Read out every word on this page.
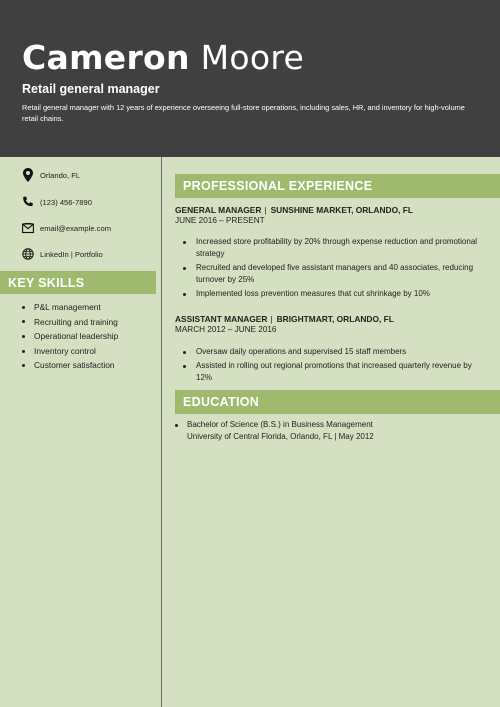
Cameron Moore
Retail general manager
Retail general manager with 12 years of experience overseeing full-store operations, including sales, HR, and inventory for high-volume retail chains.
Orlando, FL
(123) 456-7890
email@example.com
LinkedIn | Portfolio
KEY SKILLS
P&L management
Recruiting and training
Operational leadership
Inventory control
Customer satisfaction
PROFESSIONAL EXPERIENCE
GENERAL MANAGER | SUNSHINE MARKET, ORLANDO, FL
JUNE 2016 – PRESENT
Increased store profitability by 20% through expense reduction and promotional strategy
Recruited and developed five assistant managers and 40 associates, reducing turnover by 25%
Implemented loss prevention measures that cut shrinkage by 10%
ASSISTANT MANAGER | BRIGHTMART, ORLANDO, FL
MARCH 2012 – JUNE 2016
Oversaw daily operations and supervised 15 staff members
Assisted in rolling out regional promotions that increased quarterly revenue by 12%
EDUCATION
Bachelor of Science (B.S.) in Business Management
University of Central Florida, Orlando, FL | May 2012
